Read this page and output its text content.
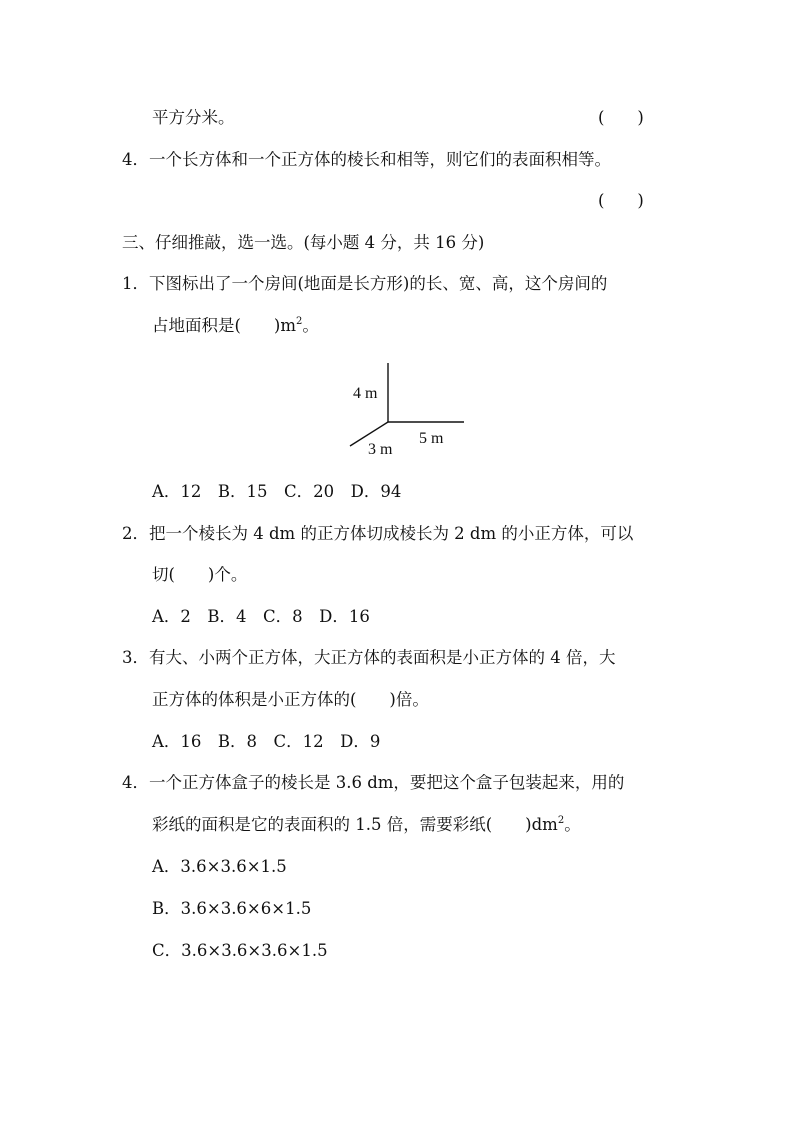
平方分米。	(　　)
4．一个长方体和一个正方体的棱长和相等，则它们的表面积相等。
(　　)
三、仔细推敲，选一选。(每小题 4 分，共 16 分)
1．下图标出了一个房间(地面是长方形)的长、宽、高，这个房间的
占地面积是(　　)$m^2$。
4 m
3 m
5 m
A．12　B．15　C．20　D．94
2．把一个棱长为 4 dm 的正方体切成棱长为 2 dm 的小正方体，可以
切(　　)个。
A．2　B．4　C．8　D．16
3．有大、小两个正方体，大正方体的表面积是小正方体的 4 倍，大
正方体的体积是小正方体的(　　)倍。
A．16　B．8　C．12　D．9
4．一个正方体盒子的棱长是 3.6 dm，要把这个盒子包装起来，用的
彩纸的面积是它的表面积的 1.5 倍，需要彩纸(　　)$dm^2$。
A．3.6×3.6×1.5
B．3.6×3.6×6×1.5
C．3.6×3.6×3.6×1.5
